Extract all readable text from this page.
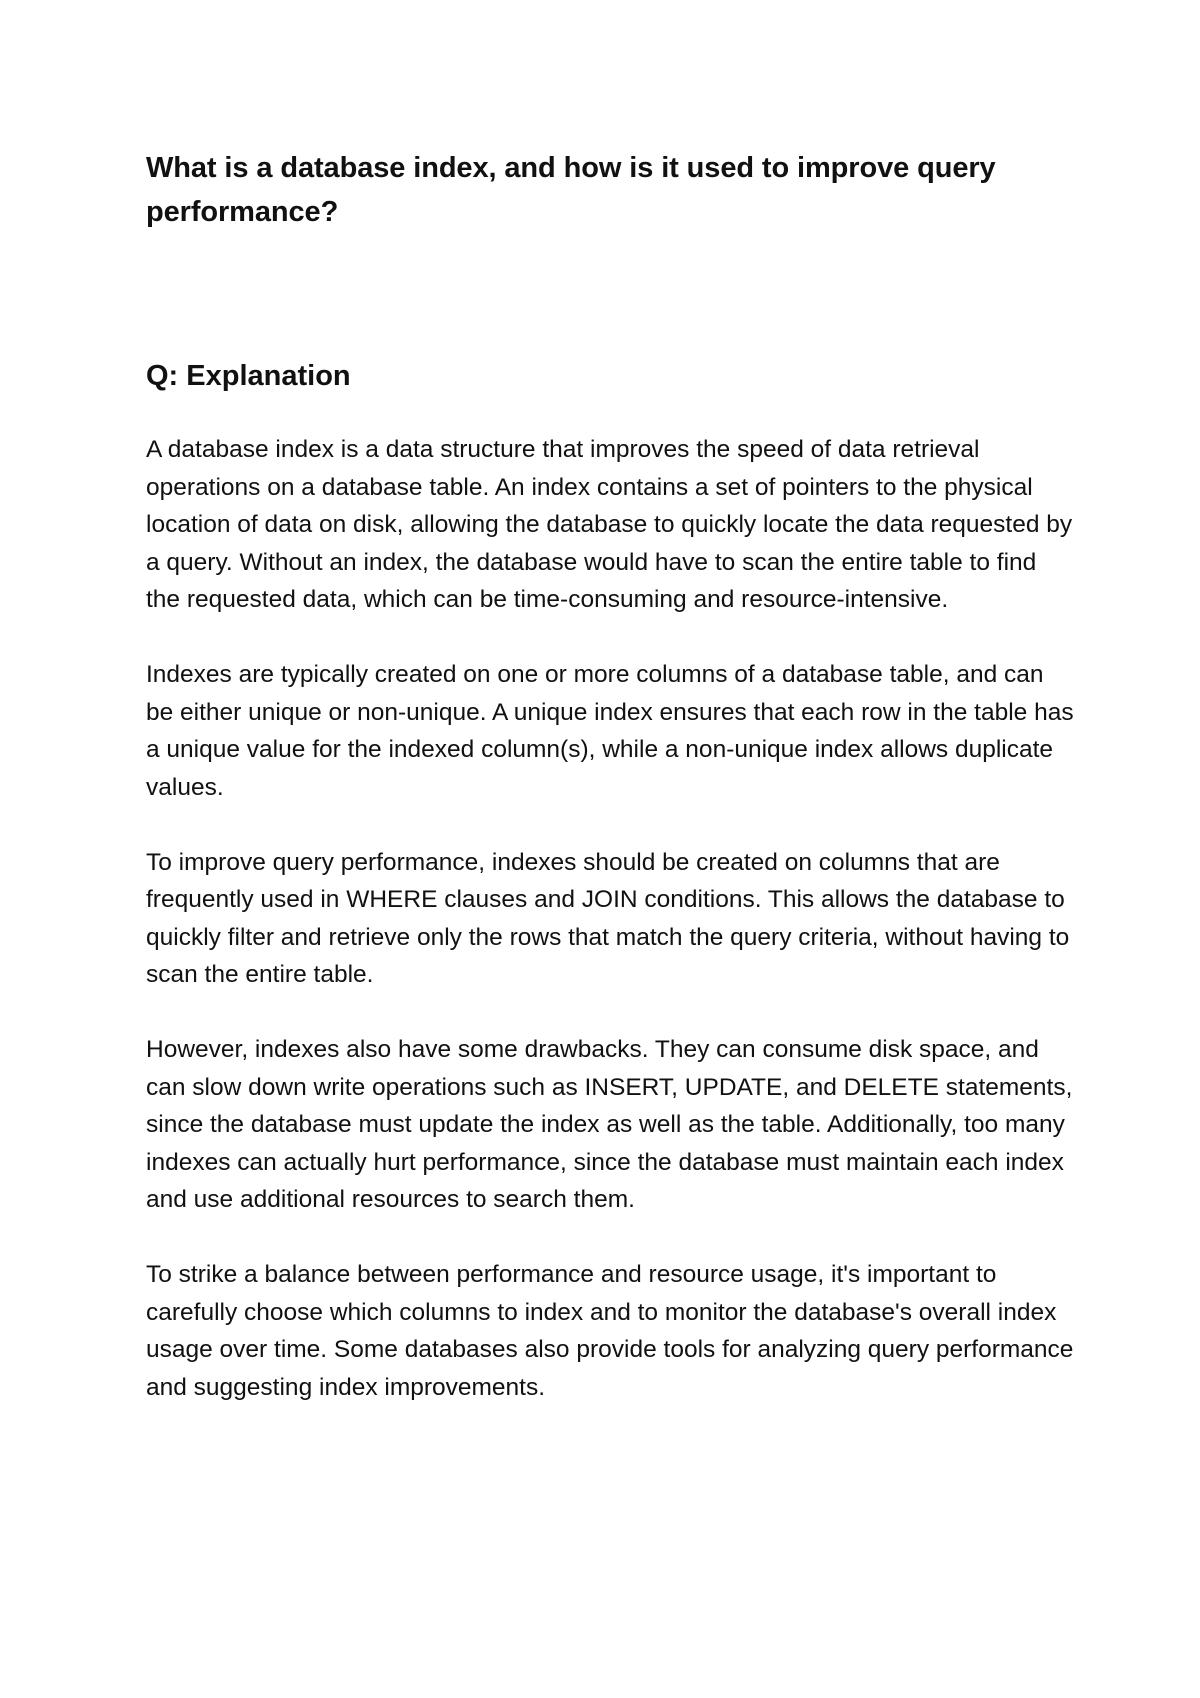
What is a database index, and how is it used to improve query performance?
Q: Explanation

A database index is a data structure that improves the speed of data retrieval operations on a database table. An index contains a set of pointers to the physical location of data on disk, allowing the database to quickly locate the data requested by a query. Without an index, the database would have to scan the entire table to find the requested data, which can be time-consuming and resource-intensive.

Indexes are typically created on one or more columns of a database table, and can be either unique or non-unique. A unique index ensures that each row in the table has a unique value for the indexed column(s), while a non-unique index allows duplicate values.

To improve query performance, indexes should be created on columns that are frequently used in WHERE clauses and JOIN conditions. This allows the database to quickly filter and retrieve only the rows that match the query criteria, without having to scan the entire table.

However, indexes also have some drawbacks. They can consume disk space, and can slow down write operations such as INSERT, UPDATE, and DELETE statements, since the database must update the index as well as the table. Additionally, too many indexes can actually hurt performance, since the database must maintain each index and use additional resources to search them.

To strike a balance between performance and resource usage, it's important to carefully choose which columns to index and to monitor the database's overall index usage over time. Some databases also provide tools for analyzing query performance and suggesting index improvements.
